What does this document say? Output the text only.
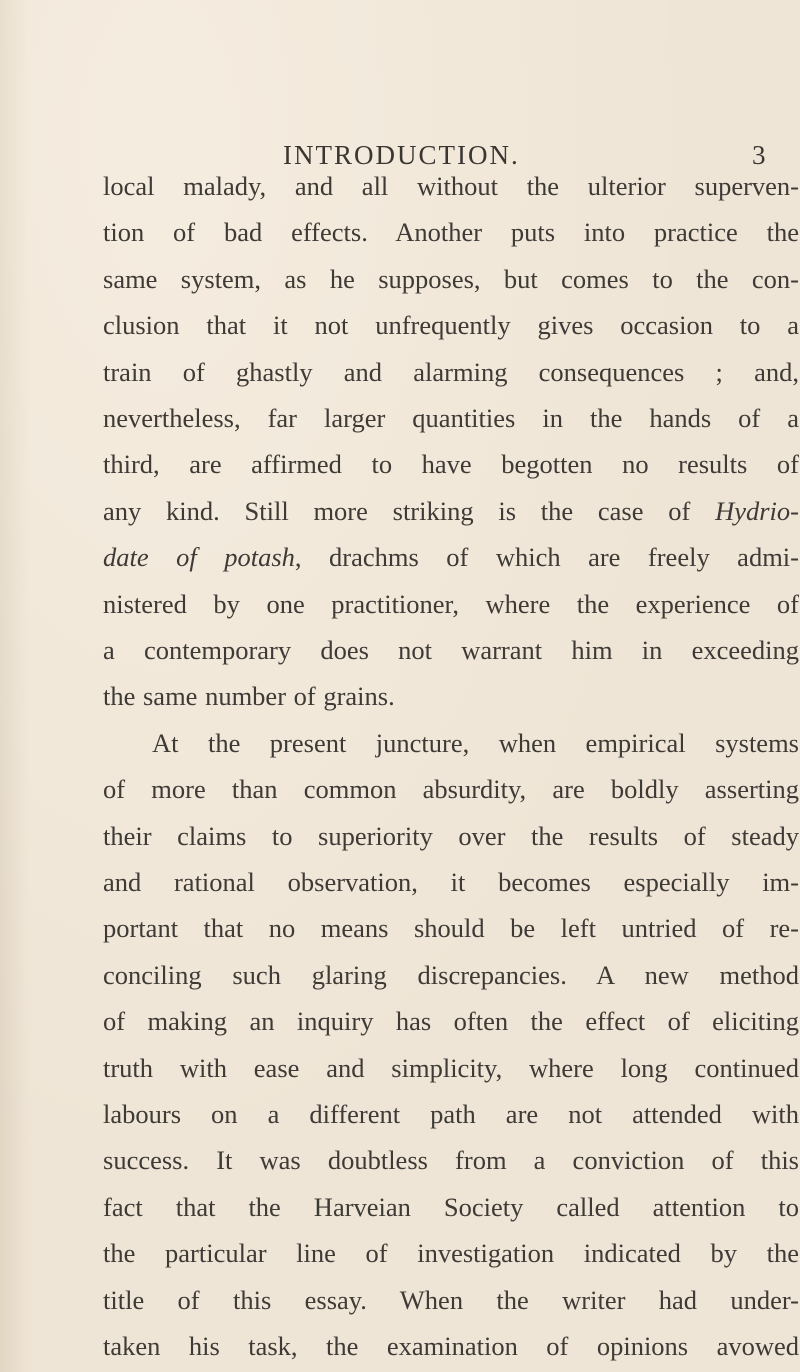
INTRODUCTION.	3
local malady, and all without the ulterior superven-
tion of bad effects. Another puts into practice the
same system, as he supposes, but comes to the con-
clusion that it not unfrequently gives occasion to a
train of ghastly and alarming consequences ; and,
nevertheless, far larger quantities in the hands of a
third, are affirmed to have begotten no results of
any kind. Still more striking is the case of Hydrio-
date of potash, drachms of which are freely admi-
nistered by one practitioner, where the experience of
a contemporary does not warrant him in exceeding
the same number of grains.
At the present juncture, when empirical systems
of more than common absurdity, are boldly asserting
their claims to superiority over the results of steady
and rational observation, it becomes especially im-
portant that no means should be left untried of re-
conciling such glaring discrepancies. A new method
of making an inquiry has often the effect of eliciting
truth with ease and simplicity, where long continued
labours on a different path are not attended with
success. It was doubtless from a conviction of this
fact that the Harveian Society called attention to
the particular line of investigation indicated by the
title of this essay. When the writer had under-
taken his task, the examination of opinions avowed
